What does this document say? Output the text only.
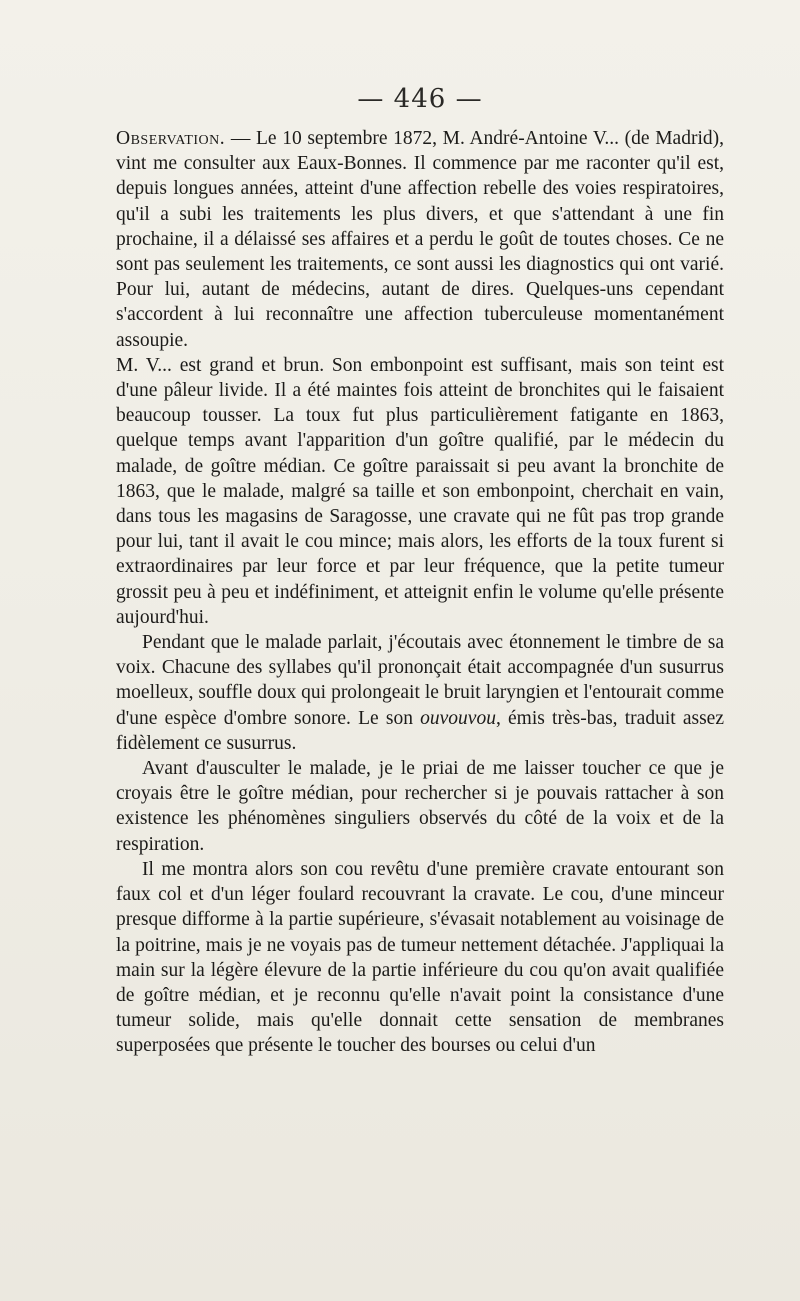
— 446 —

Observation. — Le 10 septembre 1872, M. André-Antoine V... (de Madrid), vint me consulter aux Eaux-Bonnes. Il commence par me raconter qu'il est, depuis longues années, atteint d'une affection rebelle des voies respiratoires, qu'il a subi les traitements les plus divers, et que s'attendant à une fin prochaine, il a délaissé ses affaires et a perdu le goût de toutes choses. Ce ne sont pas seulement les traitements, ce sont aussi les diagnostics qui ont varié. Pour lui, autant de médecins, autant de dires. Quelques-uns cependant s'accordent à lui reconnaître une affection tuberculeuse momentanément assoupie.

M. V... est grand et brun. Son embonpoint est suffisant, mais son teint est d'une pâleur livide. Il a été maintes fois atteint de bronchites qui le faisaient beaucoup tousser. La toux fut plus particulièrement fatigante en 1863, quelque temps avant l'apparition d'un goître qualifié, par le médecin du malade, de goître médian. Ce goître paraissait si peu avant la bronchite de 1863, que le malade, malgré sa taille et son embonpoint, cherchait en vain, dans tous les magasins de Saragosse, une cravate qui ne fût pas trop grande pour lui, tant il avait le cou mince; mais alors, les efforts de la toux furent si extraordinaires par leur force et par leur fréquence, que la petite tumeur grossit peu à peu et indéfiniment, et atteignit enfin le volume qu'elle présente aujourd'hui.

Pendant que le malade parlait, j'écoutais avec étonnement le timbre de sa voix. Chacune des syllabes qu'il prononçait était accompagnée d'un susurrus moelleux, souffle doux qui prolongeait le bruit laryngien et l'entourait comme d'une espèce d'ombre sonore. Le son ouvouvou, émis très-bas, traduit assez fidèlement ce susurrus.

Avant d'ausculter le malade, je le priai de me laisser toucher ce que je croyais être le goître médian, pour rechercher si je pouvais rattacher à son existence les phénomènes singuliers observés du côté de la voix et de la respiration.

Il me montra alors son cou revêtu d'une première cravate entourant son faux col et d'un léger foulard recouvrant la cravate. Le cou, d'une minceur presque difforme à la partie supérieure, s'évasait notablement au voisinage de la poitrine, mais je ne voyais pas de tumeur nettement détachée. J'appliquai la main sur la légère élevure de la partie inférieure du cou qu'on avait qualifiée de goître médian, et je reconnu qu'elle n'avait point la consistance d'une tumeur solide, mais qu'elle donnait cette sensation de membranes superposées que présente le toucher des bourses ou celui d'un
